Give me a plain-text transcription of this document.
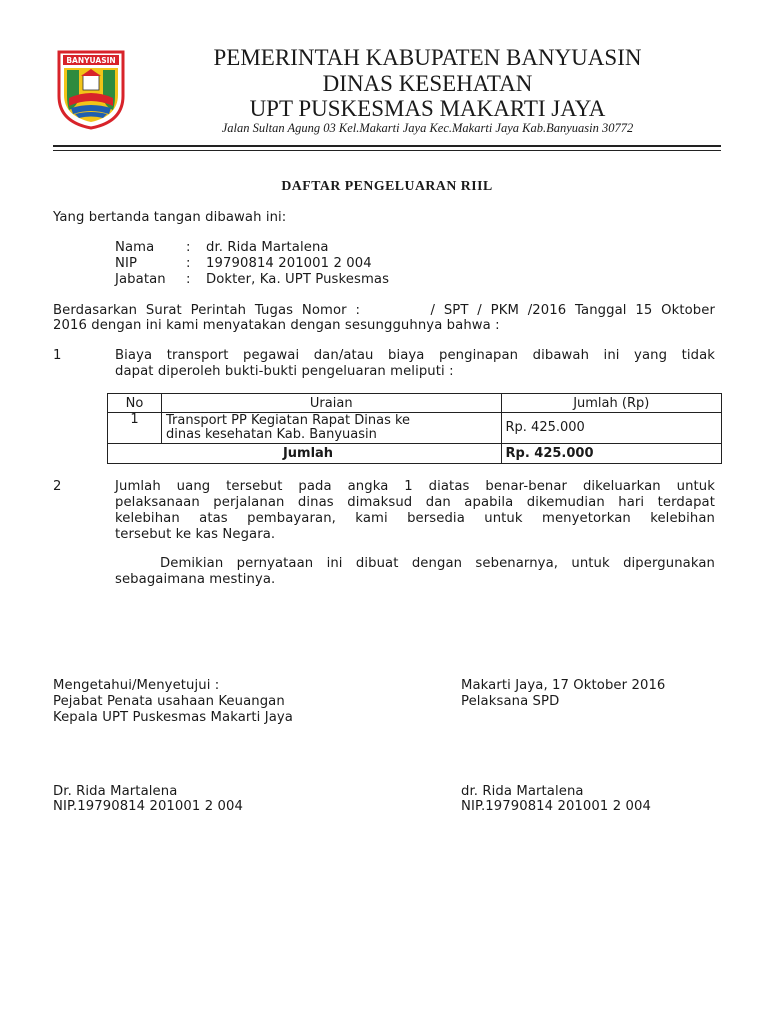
BANYUASIN	PEMERINTAH KABUPATEN BANYUASIN
DINAS KESEHATAN
UPT PUSKESMAS MAKARTI JAYA
Jalan Sultan Agung 03 Kel.Makarti Jaya Kec.Makarti Jaya Kab.Banyuasin 30772
DAFTAR PENGELUARAN RIIL
Yang bertanda tangan dibawah ini:
Nama : dr. Rida Martalena
NIP	: 19790814 201001 2 004
Jabatan : Dokter, Ka. UPT Puskesmas
Berdasarkan Surat Perintah Tugas Nomor :        / SPT / PKM /2016 Tanggal 15 Oktober
2016 dengan ini kami menyatakan dengan sesungguhnya bahwa :
1	Biaya transport pegawai dan/atau biaya penginapan dibawah ini yang tidak
dapat diperoleh bukti-bukti pengeluaran meliputi :
No	Uraian	Jumlah (Rp)
1	Transport PP Kegiatan Rapat Dinas ke
dinas kesehatan Kab. Banyuasin	Rp. 425.000
	Jumlah	Rp. 425.000
2	Jumlah uang tersebut pada angka 1 diatas benar-benar dikeluarkan untuk
pelaksanaan perjalanan dinas dimaksud dan apabila dikemudian hari terdapat
kelebihan atas pembayaran, kami bersedia untuk menyetorkan kelebihan
tersebut ke kas Negara.
Demikian pernyataan ini dibuat dengan sebenarnya, untuk dipergunakan
sebagaimana mestinya.
Mengetahui/Menyetujui :
Pejabat Penata usahaan Keuangan
Kepala UPT Puskesmas Makarti Jaya
Dr. Rida Martalena
NIP.19790814 201001 2 004
Makarti Jaya, 17 Oktober 2016
Pelaksana SPD
dr. Rida Martalena
NIP.19790814 201001 2 004
